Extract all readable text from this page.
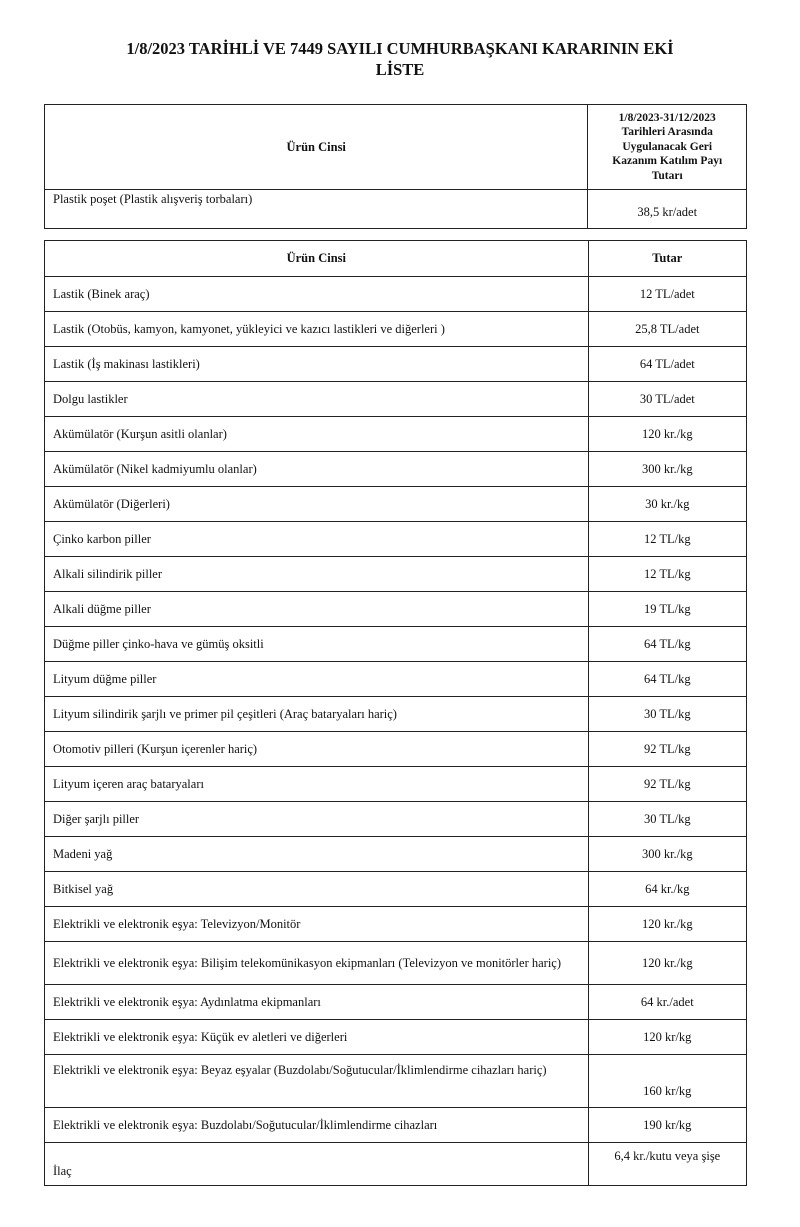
1/8/2023 TARİHLİ VE 7449 SAYILI CUMHURBAŞKANI KARARININ EKİ
LİSTE
Ürün Cinsi	1/8/2023-31/12/2023
Tarihleri Arasında
Uygulanacak Geri
Kazanım Katılım Payı
Tutarı

Plastik poşet (Plastik alışveriş torbaları)	38,5 kr/adet
Ürün Cinsi	Tutar
Lastik (Binek araç)	12 TL/adet
Lastik (Otobüs, kamyon, kamyonet, yükleyici ve kazıcı lastikleri ve diğerleri )	25,8 TL/adet
Lastik (İş makinası lastikleri)	64 TL/adet
Dolgu lastikler	30 TL/adet
Akümülatör (Kurşun asitli olanlar)	120 kr./kg
Akümülatör (Nikel kadmiyumlu olanlar)	300 kr./kg
Akümülatör (Diğerleri)	30 kr./kg
Çinko karbon piller	12 TL/kg
Alkali silindirik piller	12 TL/kg
Alkali düğme piller	19 TL/kg
Düğme piller çinko-hava ve gümüş oksitli	64 TL/kg
Lityum düğme piller	64 TL/kg
Lityum silindirik şarjlı ve primer pil çeşitleri (Araç bataryaları hariç)	30 TL/kg
Otomotiv pilleri (Kurşun içerenler hariç)	92 TL/kg
Lityum içeren araç bataryaları	92 TL/kg
Diğer şarjlı piller	30 TL/kg
Madeni yağ	300 kr./kg
Bitkisel yağ	64 kr./kg
Elektrikli ve elektronik eşya: Televizyon/Monitör	120 kr./kg
Elektrikli ve elektronik eşya: Bilişim telekomünikasyon ekipmanları (Televizyon ve monitörler hariç)	120 kr./kg
Elektrikli ve elektronik eşya: Aydınlatma ekipmanları	64 kr./adet
Elektrikli ve elektronik eşya: Küçük ev aletleri ve diğerleri	120 kr/kg
Elektrikli ve elektronik eşya: Beyaz eşyalar (Buzdolabı/Soğutucular/İklimlendirme cihazları hariç)	160 kr/kg
Elektrikli ve elektronik eşya: Buzdolabı/Soğutucular/İklimlendirme cihazları	190 kr/kg
İlaç	6,4 kr./kutu veya şişe
